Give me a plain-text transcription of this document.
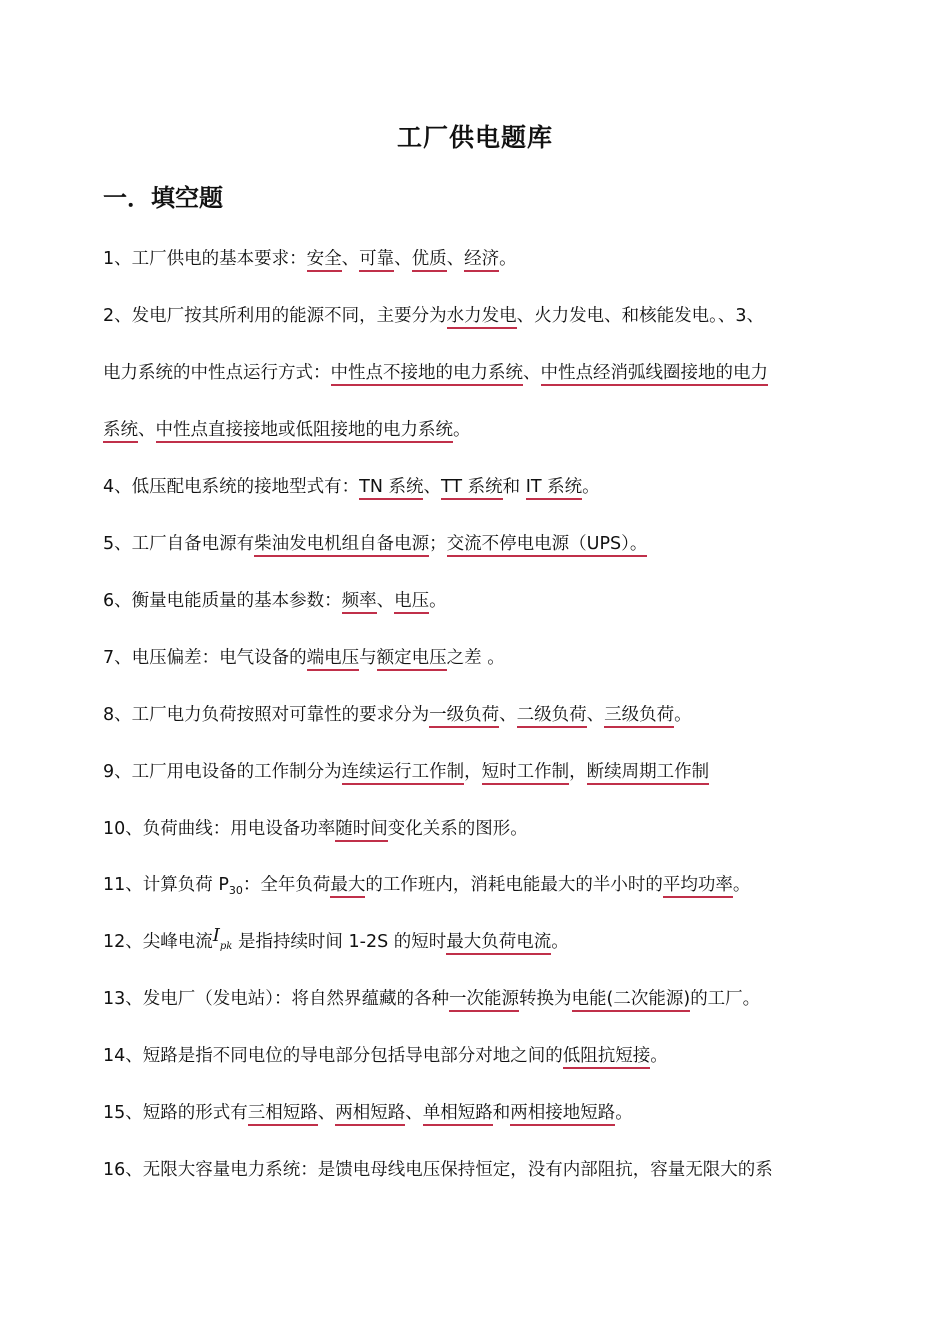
工厂供电题库
一．填空题
1、工厂供电的基本要求：安全、可靠、优质、经济。
2、发电厂按其所利用的能源不同，主要分为水力发电、火力发电、和核能发电。、3、
电力系统的中性点运行方式：中性点不接地的电力系统、中性点经消弧线圈接地的电力
系统、中性点直接接地或低阻接地的电力系统。
4、低压配电系统的接地型式有：TN 系统、TT 系统和 IT 系统。
5、工厂自备电源有柴油发电机组自备电源；交流不停电电源（UPS）。
6、衡量电能质量的基本参数：频率、电压。
7、电压偏差：电气设备的端电压与额定电压之差 。
8、工厂电力负荷按照对可靠性的要求分为一级负荷、二级负荷、三级负荷。
9、工厂用电设备的工作制分为连续运行工作制，短时工作制，断续周期工作制
10、负荷曲线：用电设备功率随时间变化关系的图形。
11、计算负荷 $P_{30}$：全年负荷最大的工作班内，消耗电能最大的半小时的平均功率。
12、尖峰电流Ipk 是指持续时间 1-2S 的短时最大负荷电流。
13、发电厂（发电站）：将自然界蕴藏的各种一次能源转换为电能(二次能源)的工厂。
14、短路是指不同电位的导电部分包括导电部分对地之间的低阻抗短接。
15、短路的形式有三相短路、两相短路、单相短路和两相接地短路。
16、无限大容量电力系统：是馈电母线电压保持恒定，没有内部阻抗，容量无限大的系
